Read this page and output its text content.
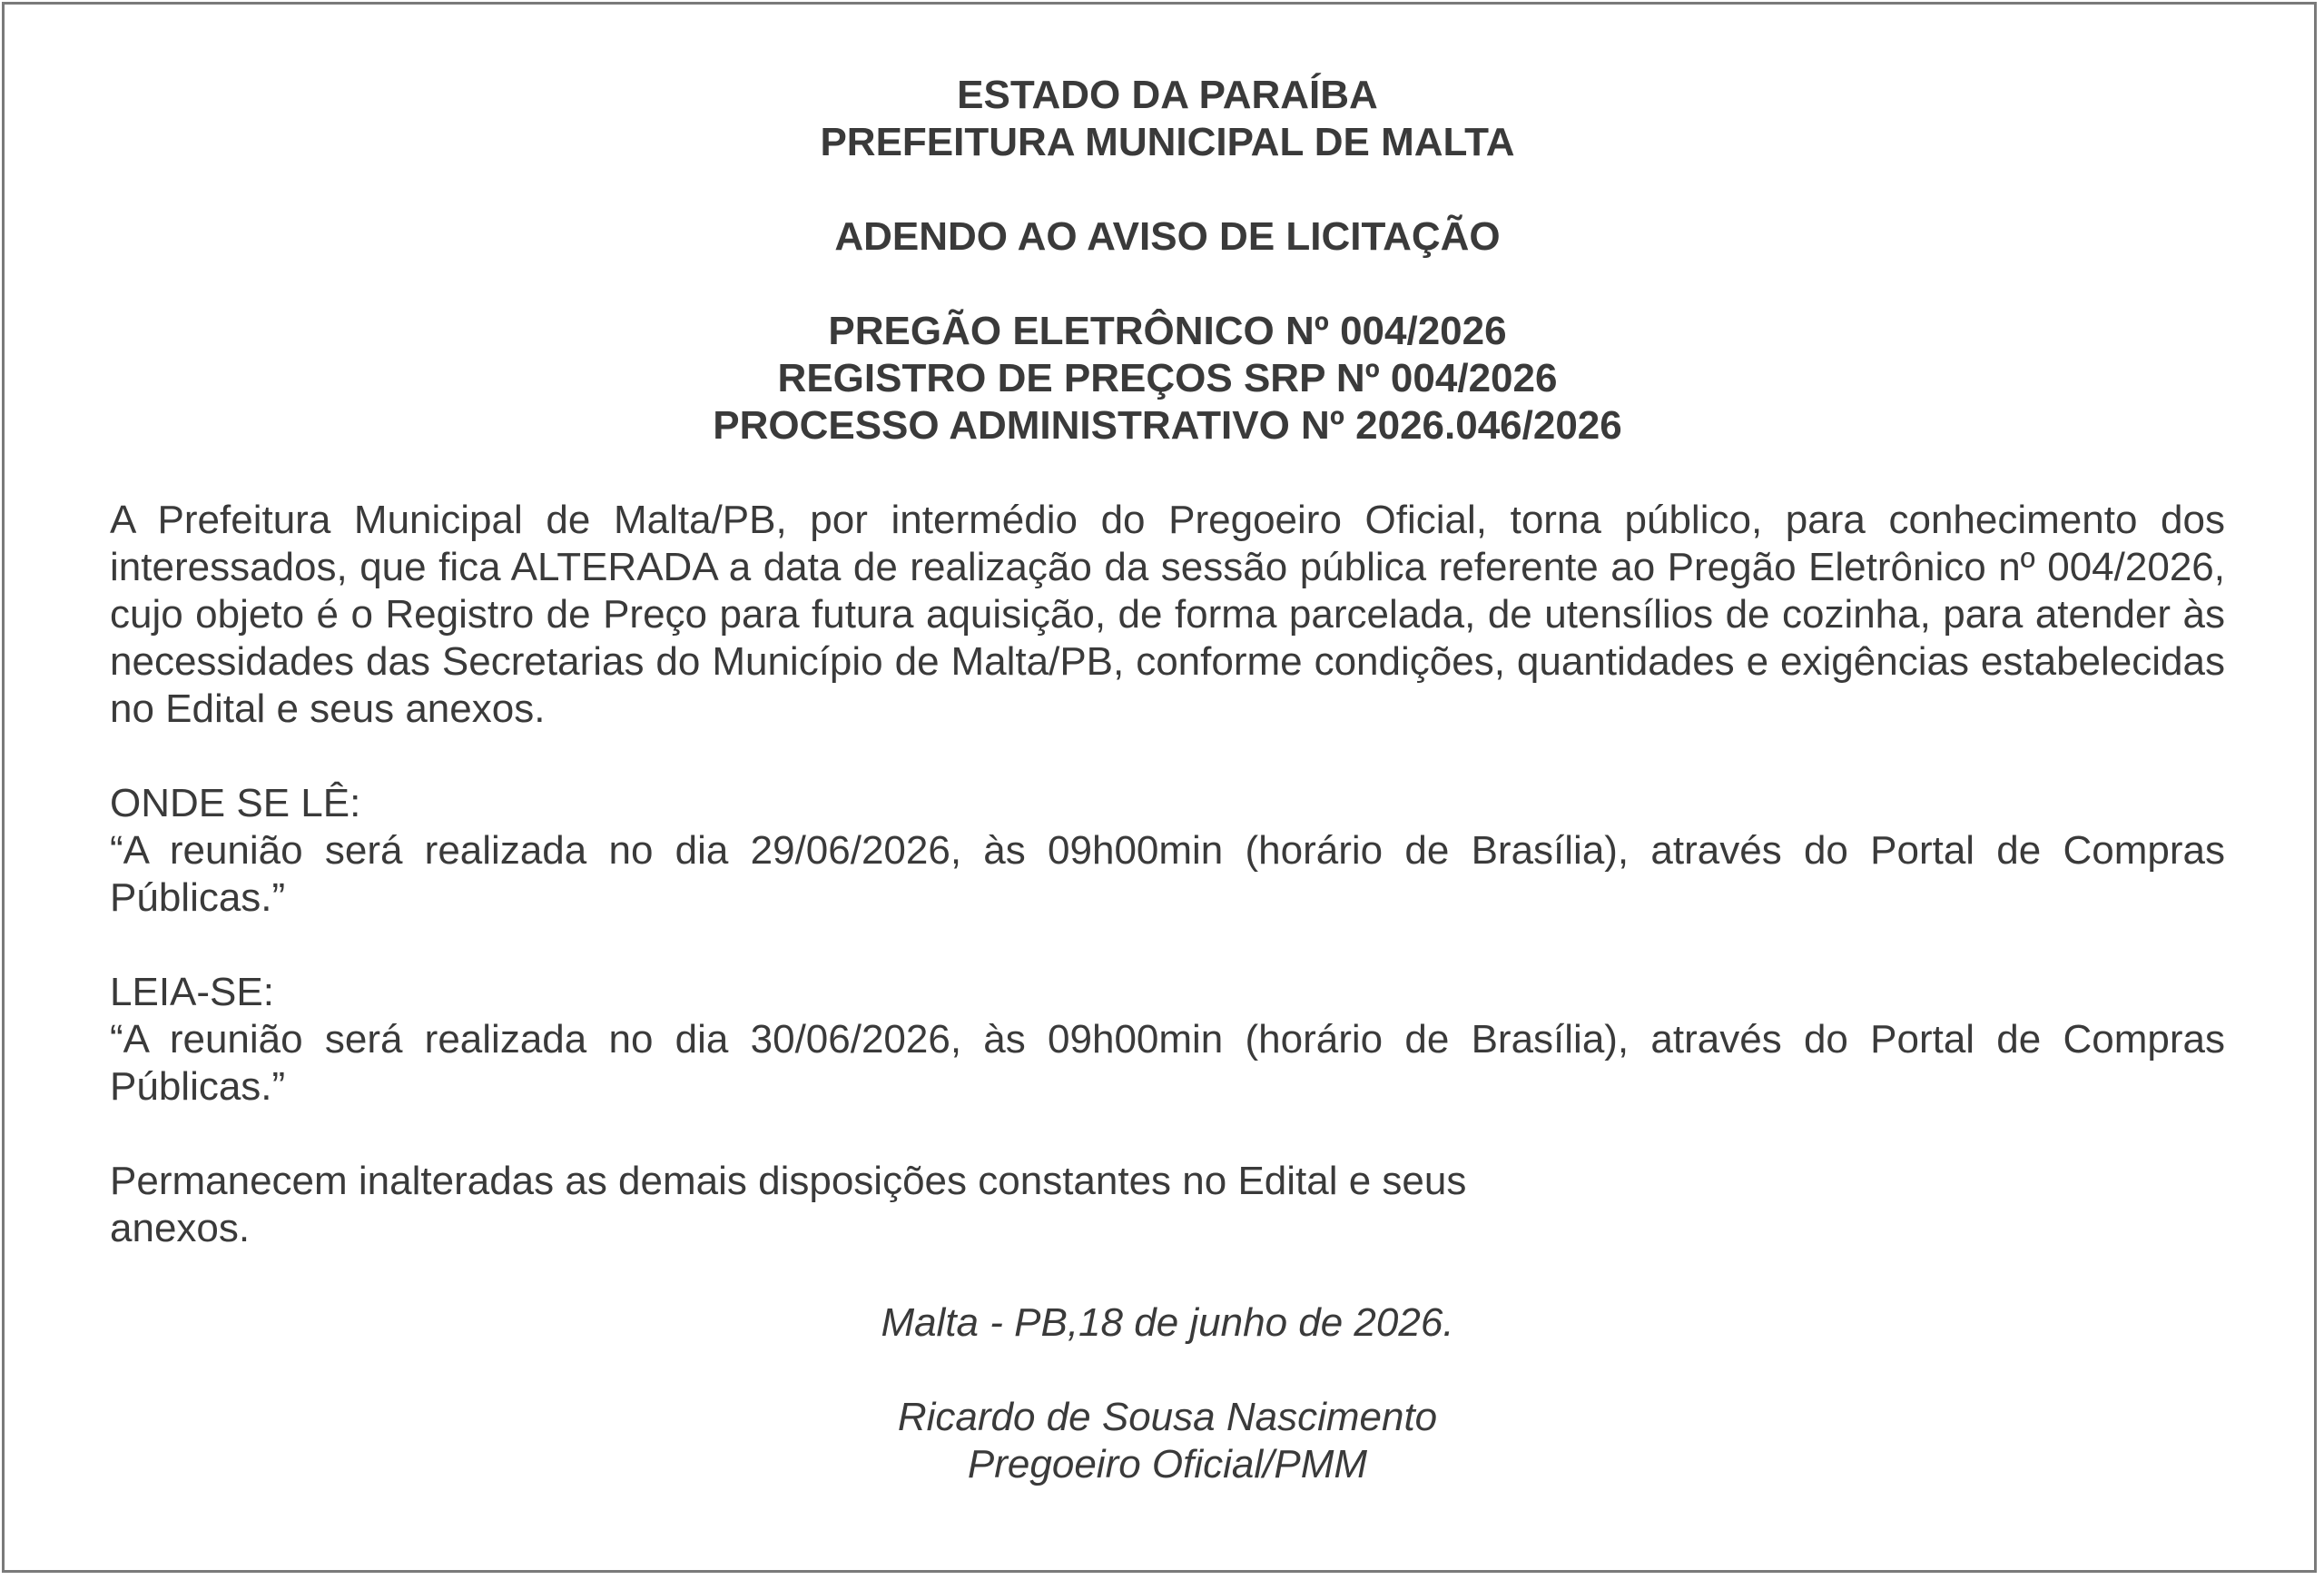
ESTADO DA PARAÍBA
PREFEITURA MUNICIPAL DE MALTA
ADENDO AO AVISO DE LICITAÇÃO
PREGÃO ELETRÔNICO Nº 004/2026
REGISTRO DE PREÇOS SRP Nº 004/2026
PROCESSO ADMINISTRATIVO Nº 2026.046/2026
A Prefeitura Municipal de Malta/PB, por intermédio do Pregoeiro Oficial, torna público, para conhecimento dos interessados, que fica ALTERADA a data de realização da sessão pública referente ao Pregão Eletrônico nº 004/2026, cujo objeto é o Registro de Preço para futura aquisição, de forma parcelada, de utensílios de cozinha, para atender às necessidades das Secretarias do Município de Malta/PB, conforme condições, quantidades e exigências estabelecidas no Edital e seus anexos.
ONDE SE LÊ:
“A reunião será realizada no dia 29/06/2026, às 09h00min (horário de Brasília), através do Portal de Compras Públicas.”
LEIA-SE:
“A reunião será realizada no dia 30/06/2026, às 09h00min (horário de Brasília), através do Portal de Compras Públicas.”
Permanecem inalteradas as demais disposições constantes no Edital e seus anexos.
Malta - PB,18 de junho de 2026.
Ricardo de Sousa Nascimento
Pregoeiro Oficial/PMM
